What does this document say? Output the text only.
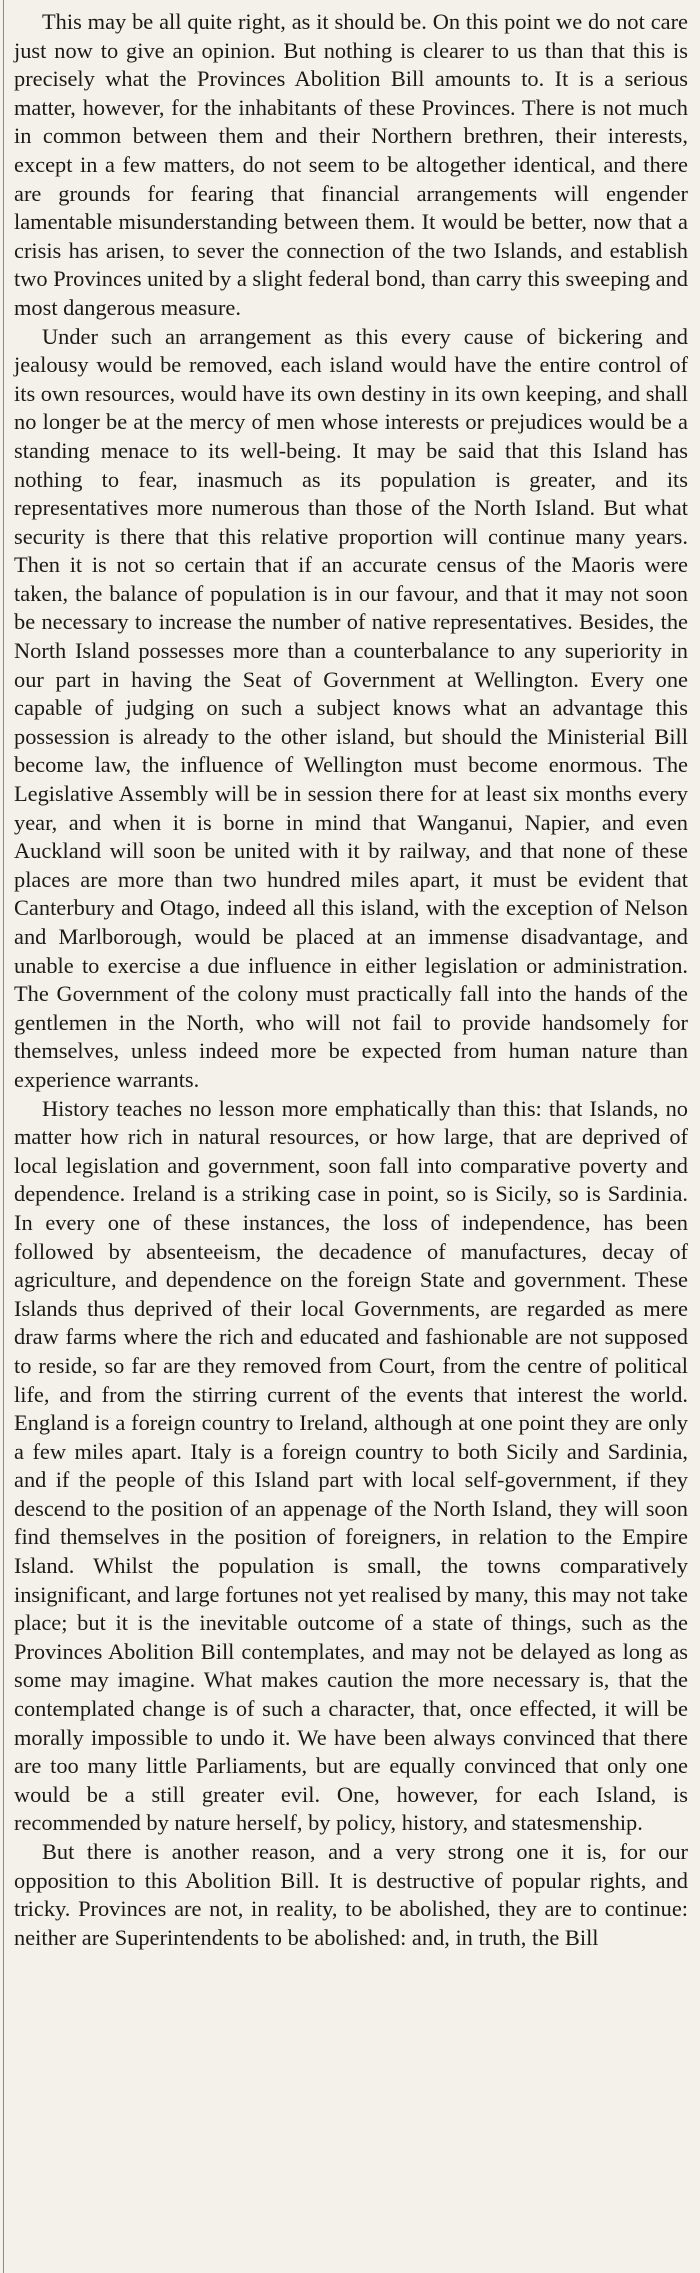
This may be all quite right, as it should be. On this point we do not care just now to give an opinion. But nothing is clearer to us than that this is precisely what the Provinces Abolition Bill amounts to. It is a serious matter, however, for the inhabitants of these Provinces. There is not much in common between them and their Northern brethren, their interests, except in a few matters, do not seem to be altogether identical, and there are grounds for fearing that financial arrangements will engender lamentable misunderstanding between them. It would be better, now that a crisis has arisen, to sever the connection of the two Islands, and establish two Provinces united by a slight federal bond, than carry this sweeping and most dangerous measure.

Under such an arrangement as this every cause of bickering and jealousy would be removed, each island would have the entire control of its own resources, would have its own destiny in its own keeping, and shall no longer be at the mercy of men whose interests or prejudices would be a standing menace to its well-being. It may be said that this Island has nothing to fear, inasmuch as its population is greater, and its representatives more numerous than those of the North Island. But what security is there that this relative proportion will continue many years. Then it is not so certain that if an accurate census of the Maoris were taken, the balance of population is in our favour, and that it may not soon be necessary to increase the number of native representatives. Besides, the North Island possesses more than a counterbalance to any superiority in our part in having the Seat of Government at Wellington. Every one capable of judging on such a subject knows what an advantage this possession is already to the other island, but should the Ministerial Bill become law, the influence of Wellington must become enormous. The Legislative Assembly will be in session there for at least six months every year, and when it is borne in mind that Wanganui, Napier, and even Auckland will soon be united with it by railway, and that none of these places are more than two hundred miles apart, it must be evident that Canterbury and Otago, indeed all this island, with the exception of Nelson and Marlborough, would be placed at an immense disadvantage, and unable to exercise a due influence in either legislation or administration. The Government of the colony must practically fall into the hands of the gentlemen in the North, who will not fail to provide handsomely for themselves, unless indeed more be expected from human nature than experience warrants.

History teaches no lesson more emphatically than this: that Islands, no matter how rich in natural resources, or how large, that are deprived of local legislation and government, soon fall into comparative poverty and dependence. Ireland is a striking case in point, so is Sicily, so is Sardinia. In every one of these instances, the loss of independence, has been followed by absenteeism, the decadence of manufactures, decay of agriculture, and dependence on the foreign State and government. These Islands thus deprived of their local Governments, are regarded as mere draw farms where the rich and educated and fashionable are not supposed to reside, so far are they removed from Court, from the centre of political life, and from the stirring current of the events that interest the world. England is a foreign country to Ireland, although at one point they are only a few miles apart. Italy is a foreign country to both Sicily and Sardinia, and if the people of this Island part with local self-government, if they descend to the position of an appenage of the North Island, they will soon find themselves in the position of foreigners, in relation to the Empire Island. Whilst the population is small, the towns comparatively insignificant, and large fortunes not yet realised by many, this may not take place; but it is the inevitable outcome of a state of things, such as the Provinces Abolition Bill contemplates, and may not be delayed as long as some may imagine. What makes caution the more necessary is, that the contemplated change is of such a character, that, once effected, it will be morally impossible to undo it. We have been always convinced that there are too many little Parliaments, but are equally convinced that only one would be a still greater evil. One, however, for each Island, is recommended by nature herself, by policy, history, and statesmenship.

But there is another reason, and a very strong one it is, for our opposition to this Abolition Bill. It is destructive of popular rights, and tricky. Provinces are not, in reality, to be abolished, they are to continue: neither are Superintendents to be abolished: and, in truth, the Bill
